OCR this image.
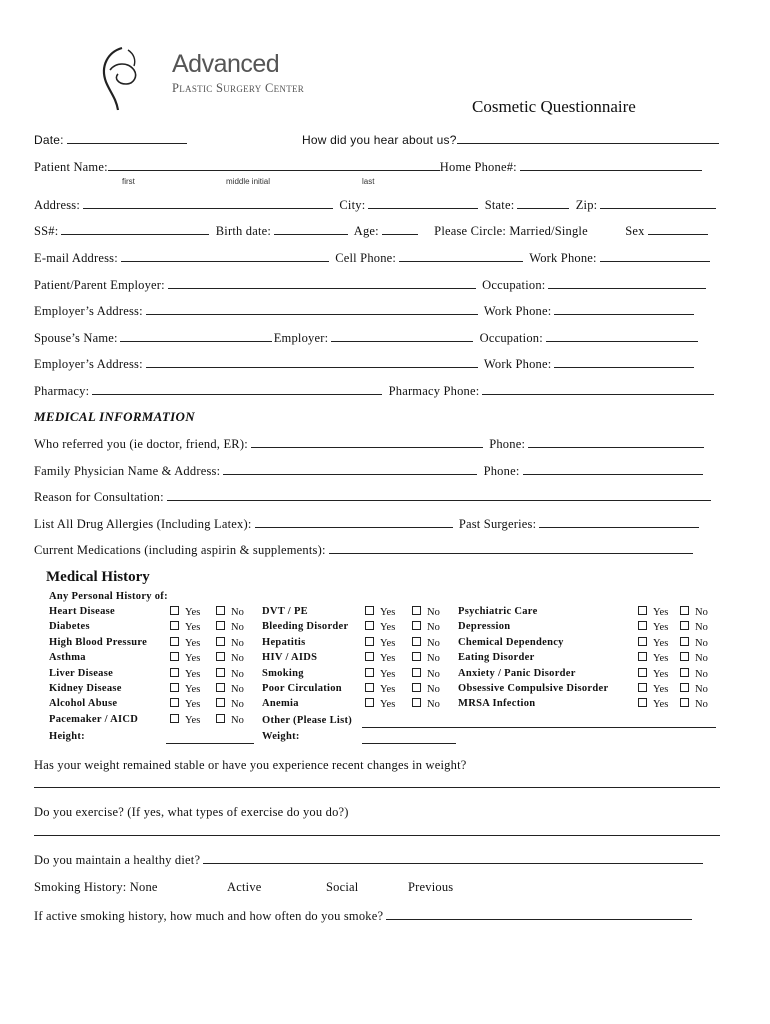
Advanced
Plastic Surgery Center
Cosmetic Questionnaire
Date:	How did you hear about us?
Patient Name:	Home Phone#:
first	middle initial	last
Address:	City:	State:	Zip:
SS#:	Birth date:	Age:	Please Circle: Married/Single	Sex
E-mail Address:	Cell Phone:	Work Phone:
Patient/Parent Employer:	Occupation:
Employer’s Address:	Work Phone:
Spouse’s Name:	Employer:	Occupation:
Employer’s Address:	Work Phone:
Pharmacy:	Pharmacy Phone:
MEDICAL INFORMATION
Who referred you (ie doctor, friend, ER):	Phone:
Family Physician Name & Address:	Phone:
Reason for Consultation:
List All Drug Allergies (Including Latex):	Past Surgeries:
Current Medications (including aspirin & supplements):
Medical History
Any Personal History of:
Heart Disease	Yes	No
Diabetes	Yes	No
High Blood Pressure	Yes	No
Asthma	Yes	No
Liver Disease	Yes	No
Kidney Disease	Yes	No
Alcohol Abuse	Yes	No
Pacemaker / AICD	Yes	No
DVT / PE	Yes	No
Bleeding Disorder	Yes	No
Hepatitis	Yes	No
HIV / AIDS	Yes	No
Smoking	Yes	No
Poor Circulation	Yes	No
Anemia	Yes	No
Psychiatric Care	Yes	No
Depression	Yes	No
Chemical Dependency	Yes	No
Eating Disorder	Yes	No
Anxiety / Panic Disorder	Yes	No
Obsessive Compulsive Disorder	Yes	No
MRSA Infection	Yes	No
Other (Please List)
Height:	Weight:
Has your weight remained stable or have you experience recent changes in weight?
Do you exercise? (If yes, what types of exercise do you do?)
Do you maintain a healthy diet?
Smoking History: None	Active	Social	Previous
If active smoking history, how much and how often do you smoke?
